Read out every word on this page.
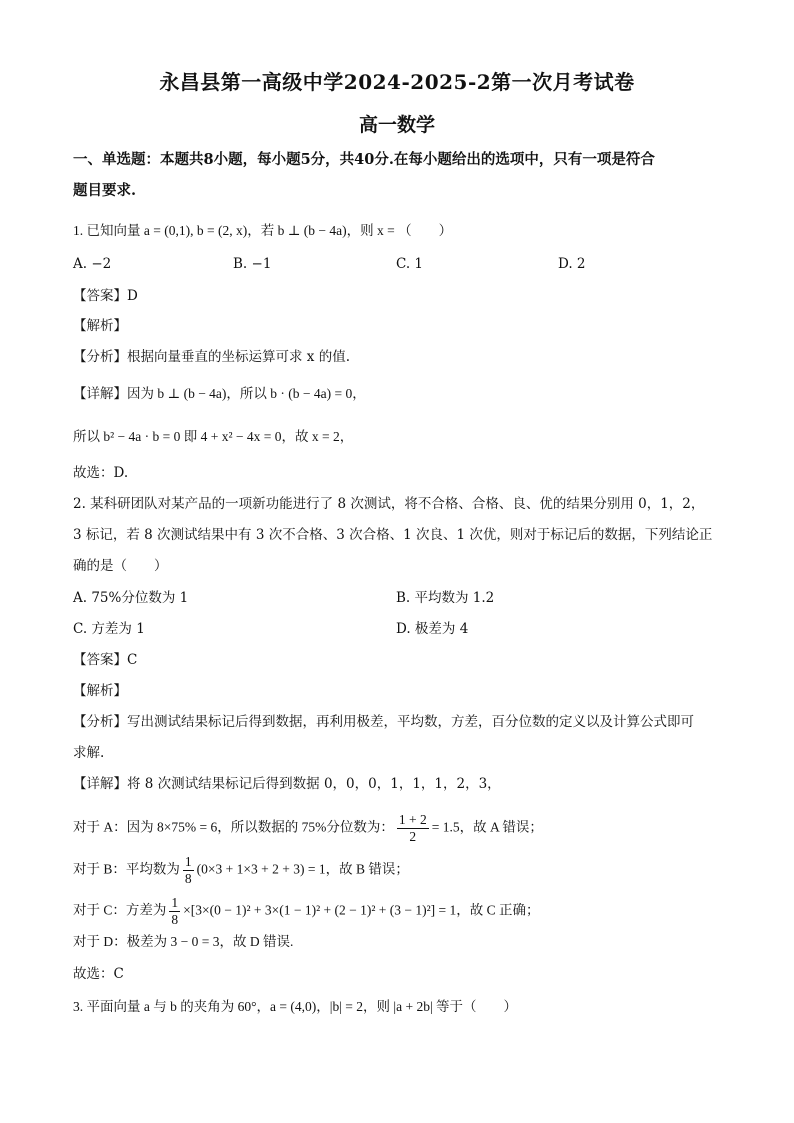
永昌县第一高级中学2024-2025-2第一次月考试卷
高一数学
一、单选题：本题共8小题，每小题5分，共40分.在每小题给出的选项中，只有一项是符合
题目要求.
1. 已知向量 a = (0,1), b = (2, x)，若 b ⊥ (b − 4a)，则 x = （　　）
A. −2	B. −1	C. 1	D. 2
【答案】D
【解析】
【分析】根据向量垂直的坐标运算可求 x 的值.
【详解】因为 b ⊥ (b − 4a)，所以 b · (b − 4a) = 0，
所以 b² − 4a · b = 0 即 4 + x² − 4x = 0，故 x = 2，
故选：D.
2. 某科研团队对某产品的一项新功能进行了 8 次测试，将不合格、合格、良、优的结果分别用 0，1，2，
3 标记，若 8 次测试结果中有 3 次不合格、3 次合格、1 次良、1 次优，则对于标记后的数据，下列结论正
确的是（　　）
A. 75%分位数为 1	B. 平均数为 1.2
C. 方差为 1	D. 极差为 4
【答案】C
【解析】
【分析】写出测试结果标记后得到数据，再利用极差，平均数，方差，百分位数的定义以及计算公式即可
求解.
【详解】将 8 次测试结果标记后得到数据 0，0，0，1，1，1，2，3，
对于 A：因为 8×75% = 6，所以数据的 75%分位数为： $\frac{1 + 2}{2} = 1.5$，故 A 错误；
对于 B：平均数为 $\frac{1}{8} (0\times 3 + 1\times 3 + 2 + 3) = 1$，故 B 错误；
对于 C：方差为 $\frac{1}{8} \times[3\times(0 - 1)^2 + 3\times(1 - 1)^2 + (2 - 1)^2 + (3 - 1)^2] = 1$，故 C 正确；
对于 D：极差为 3 − 0 = 3，故 D 错误.
故选：C
3. 平面向量 a 与 b 的夹角为 60°，a = (4,0)，|b| = 2，则 |a + 2b| 等于（　　）
